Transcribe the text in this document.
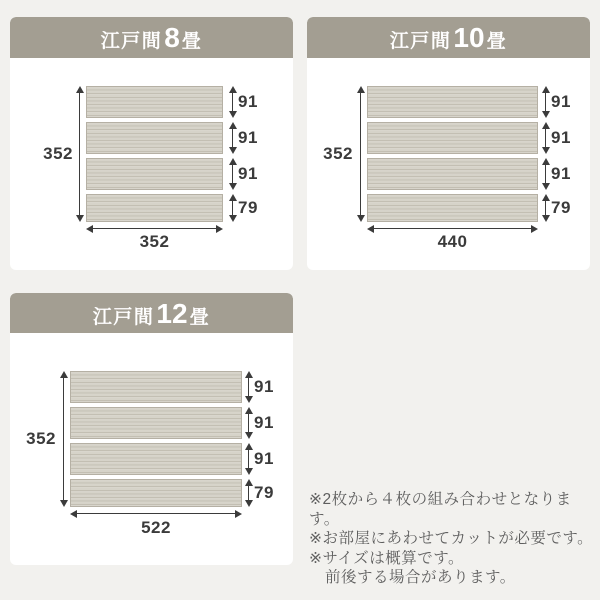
江戸間 8 畳
352
91
91
91
79
352
江戸間 10 畳
352
91
91
91
79
440
江戸間 12 畳
352
91
91
91
79
522
※2枚から４枚の組み合わせとなります。
※お部屋にあわせてカットが必要です。
※サイズは概算です。
前後する場合があります。
